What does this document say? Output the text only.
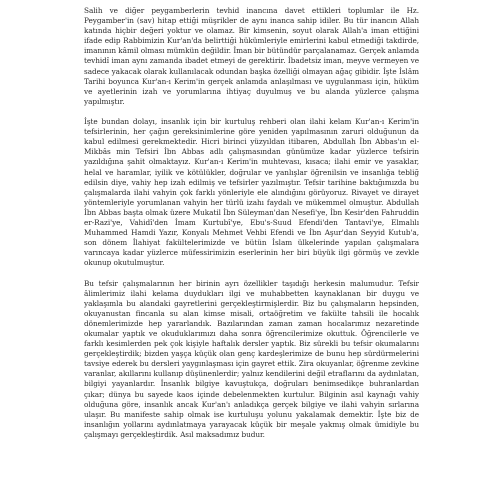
Salih ve diğer peygamberlerin tevhid inancına davet ettikleri toplumlar ile Hz. Peygamber'in (sav) hitap ettiği müşrikler de aynı inanca sahip idiler. Bu tür inancın Allah katında hiçbir değeri yoktur ve olamaz. Bir kimsenin, soyut olarak Allah'a iman ettiğini ifade edip Rabbimizin Kur'an'da belirttiği hükümleriyle emirlerini kabul etmediği takdirde, imanının kâmil olması mümkün değildir. İman bir bütündür parçalanamaz. Gerçek anlamda tevhidî iman aynı zamanda ibadet etmeyi de gerektirir. İbadetsiz iman, meyve vermeyen ve sadece yakacak olarak kullanılacak odundan başka özelliği olmayan ağaç gibidir. İşte İslâm Tarihi boyunca Kur'an-ı Kerim'in gerçek anlamda anlaşılması ve uygulanması için, hüküm ve ayetlerinin izah ve yorumlarına ihtiyaç duyulmuş ve bu alanda yüzlerce çalışma yapılmıştır.

İşte bundan dolayı, insanlık için bir kurtuluş rehberi olan ilahi kelam Kur'an-ı Kerim'in tefsirlerinin, her çağın gereksinimlerine göre yeniden yapılmasının zaruri olduğunun da kabul edilmesi gerekmektedir. Hicri birinci yüzyıldan itibaren, Abdullah İbn Abbas'ın el-Mikbâs min Tefsiri İbn Abbas adlı çalışmasından günümüze kadar yüzlerce tefsirin yazıldığına şahit olmaktayız. Kur'an-ı Kerim'in muhtevası, kısaca; ilahi emir ve yasaklar, helal ve haramlar, iyilik ve kötülükler, doğrular ve yanlışlar öğrenilsin ve insanlığa tebliğ edilsin diye, vahiy hep izah edilmiş ve tefsirler yazılmıştır. Tefsir tarihine baktığımızda bu çalışmalarda ilahi vahyin çok farklı yönleriyle ele alındığını görüyoruz. Rivayet ve dirayet yöntemleriyle yorumlanan vahyin her türlü izahı faydalı ve mükemmel olmuştur. Abdullah İbn Abbas başta olmak üzere Mukatil İbn Süleyman'dan Nesefi'ye, İbn Kesir'den Fahruddin er-Razi'ye, Vahidî'den İmam Kurtubî'ye, Ebu's-Suud Efendi'den Tantavi'ye, Elmalılı Muhammed Hamdi Yazır, Konyalı Mehmet Vehbi Efendi ve İbn Aşur'dan Seyyid Kutub'a, son dönem İlahiyat fakültelerimizde ve bütün İslam ülkelerinde yapılan çalışmalara varıncaya kadar yüzlerce müfessirimizin eserlerinin her biri büyük ilgi görmüş ve zevkle okunup okutulmuştur.

Bu tefsir çalışmalarının her birinin ayrı özellikler taşıdığı herkesin malumudur. Tefsir âlimlerimiz ilahi kelama duydukları ilgi ve muhabbetten kaynaklanan bir duygu ve yaklaşımla bu alandaki gayretlerini gerçekleştirmişlerdir. Biz bu çalışmaların hepsinden, okuyanustan fincanla su alan kimse misali, ortaöğretim ve fakülte tahsili ile hocalık dönemlerimizde hep yararlandık. Bazılarından zaman zaman hocalarımız nezaretinde okumalar yaptık ve okuduklarımızı daha sonra öğrencilerimize okuttuk. Öğrencilerle ve farklı kesimlerden pek çok kişiyle haftalık dersler yaptık. Biz sürekli bu tefsir okumalarını gerçekleştirdik; bizden yaşça küçük olan genç kardeşlerimize de bunu hep sürdürmelerini tavsiye ederek bu dersleri yaygınlaşması için gayret ettik. Zira okuyanlar, öğrenme zevkine varanlar, akıllarını kullanıp düşünenlerdir; yalnız kendilerini değil etraflarını da aydınlatan, bilgiyi yayanlardır. İnsanlık bilgiye kavuştukça, doğruları benimsedikçe buhranlardan çıkar; dünya bu sayede kaos içinde debelenmekten kurtulur. Bilginin asıl kaynağı vahiy olduğuna göre, insanlık ancak Kur'an'ı anladıkça gerçek bilgiye ve ilahi vahyin sırlarına ulaşır. Bu manifeste sahip olmak ise kurtuluşu yolunu yakalamak demektir. İşte biz de insanlığın yollarını aydınlatmaya yarayacak küçük bir meşale yakmış olmak ümidiyle bu çalışmayı gerçekleştirdik. Asıl maksadımız budur.
